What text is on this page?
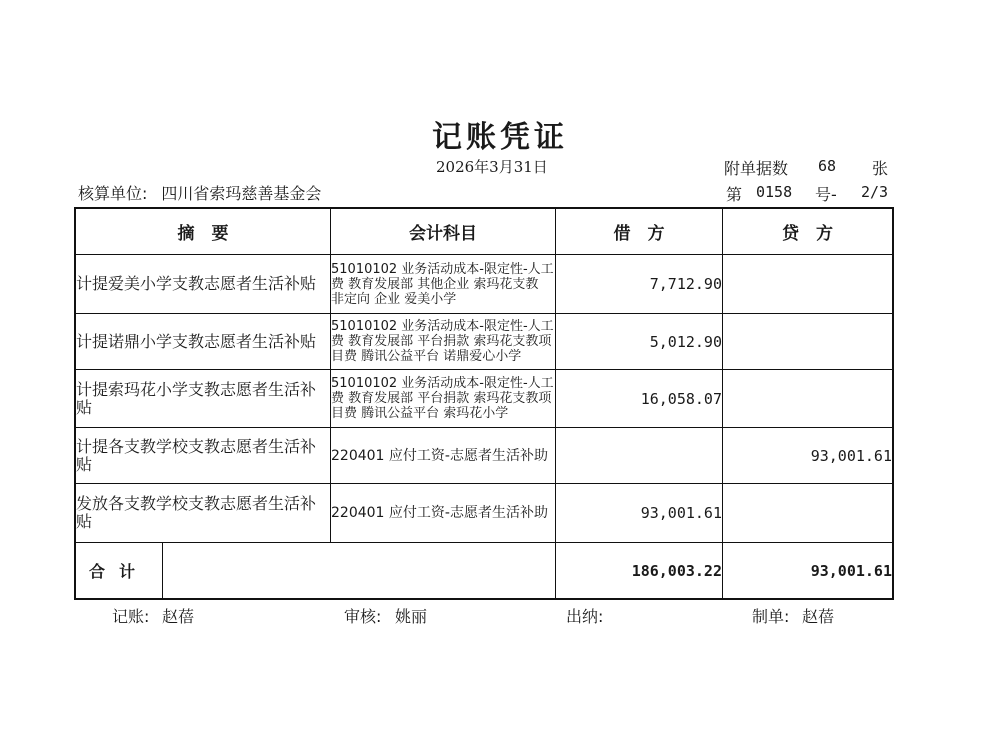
记账凭证
2026年3月31日	附单据数 68 张
核算单位: 四川省索玛慈善基金会	第 0158 号- 2/3
摘　要		会计科目	借　方	贷　方
计提爱美小学支教志愿者生活补贴		51010102 业务活动成本-限定性-人工费 教育发展部 其他企业 索玛花支教 非定向 企业 爱美小学	7,712.90	
计提诺鼎小学支教志愿者生活补贴		51010102 业务活动成本-限定性-人工费 教育发展部 平台捐款 索玛花支教项目费 腾讯公益平台 诺鼎爱心小学	5,012.90	
计提索玛花小学支教志愿者生活补贴		51010102 业务活动成本-限定性-人工费 教育发展部 平台捐款 索玛花支教项目费 腾讯公益平台 索玛花小学	16,058.07	
计提各支教学校支教志愿者生活补贴		220401 应付工资-志愿者生活补助		93,001.61
发放各支教学校支教志愿者生活补贴		220401 应付工资-志愿者生活补助	93,001.61	
合计			186,003.22	93,001.61
记账: 赵蓓	审核: 姚丽	出纳:	制单: 赵蓓
